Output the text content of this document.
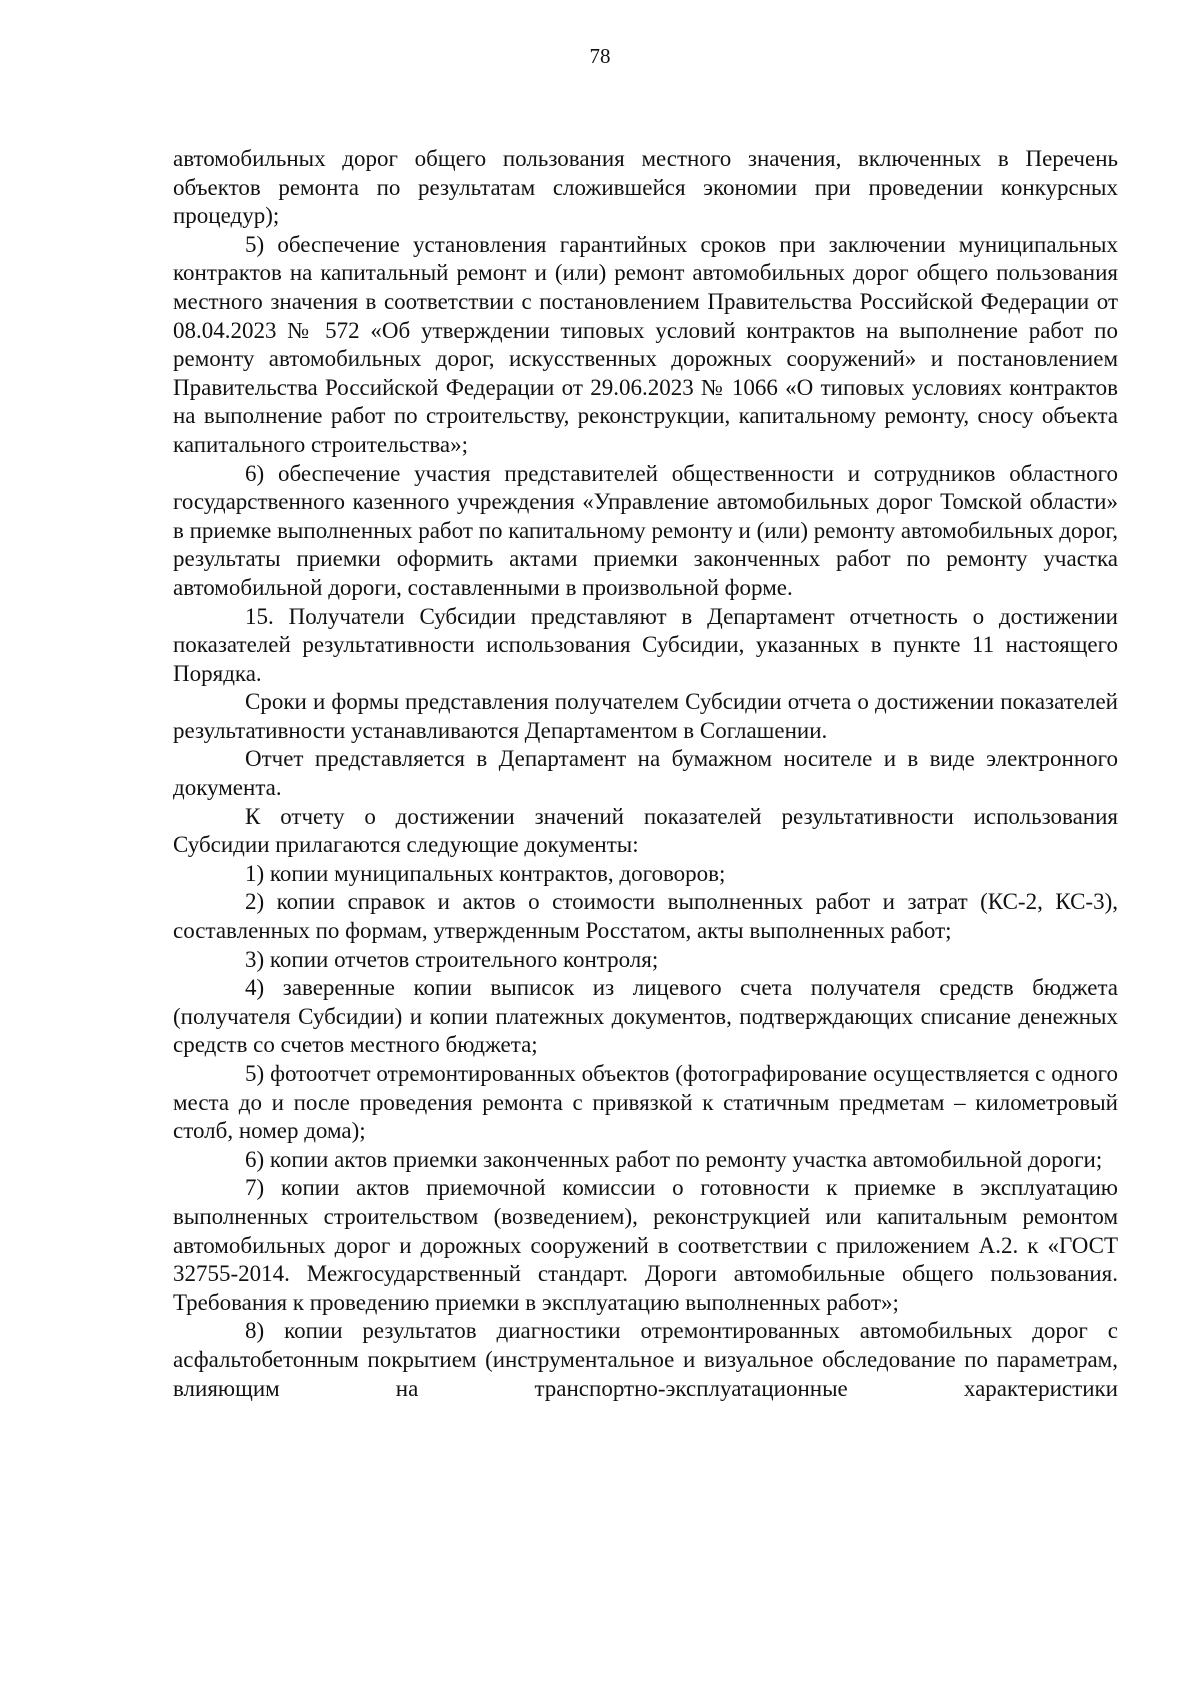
78

автомобильных дорог общего пользования местного значения, включенных в Перечень объектов ремонта по результатам сложившейся экономии при проведении конкурсных процедур);

5) обеспечение установления гарантийных сроков при заключении муниципальных контрактов на капитальный ремонт и (или) ремонт автомобильных дорог общего пользования местного значения в соответствии с постановлением Правительства Российской Федерации от 08.04.2023 № 572 «Об утверждении типовых условий контрактов на выполнение работ по ремонту автомобильных дорог, искусственных дорожных сооружений» и постановлением Правительства Российской Федерации от 29.06.2023 № 1066 «О типовых условиях контрактов на выполнение работ по строительству, реконструкции, капитальному ремонту, сносу объекта капитального строительства»;

6) обеспечение участия представителей общественности и сотрудников областного государственного казенного учреждения «Управление автомобильных дорог Томской области» в приемке выполненных работ по капитальному ремонту и (или) ремонту автомобильных дорог, результаты приемки оформить актами приемки законченных работ по ремонту участка автомобильной дороги, составленными в произвольной форме.

15. Получатели Субсидии представляют в Департамент отчетность о достижении показателей результативности использования Субсидии, указанных в пункте 11 настоящего Порядка.

Сроки и формы представления получателем Субсидии отчета о достижении показателей результативности устанавливаются Департаментом в Соглашении.

Отчет представляется в Департамент на бумажном носителе и в виде электронного документа.

К отчету о достижении значений показателей результативности использования Субсидии прилагаются следующие документы:

1) копии муниципальных контрактов, договоров;

2) копии справок и актов о стоимости выполненных работ и затрат (КС-2, КС-3), составленных по формам, утвержденным Росстатом, акты выполненных работ;

3) копии отчетов строительного контроля;

4) заверенные копии выписок из лицевого счета получателя средств бюджета (получателя Субсидии) и копии платежных документов, подтверждающих списание денежных средств со счетов местного бюджета;

5) фотоотчет отремонтированных объектов (фотографирование осуществляется с одного места до и после проведения ремонта с привязкой к статичным предметам – километровый столб, номер дома);

6) копии актов приемки законченных работ по ремонту участка автомобильной дороги;

7) копии актов приемочной комиссии о готовности к приемке в эксплуатацию выполненных строительством (возведением), реконструкцией или капитальным ремонтом автомобильных дорог и дорожных сооружений в соответствии с приложением А.2. к «ГОСТ 32755-2014. Межгосударственный стандарт. Дороги автомобильные общего пользования. Требования к проведению приемки в эксплуатацию выполненных работ»;

8) копии результатов диагностики отремонтированных автомобильных дорог с асфальтобетонным покрытием (инструментальное и визуальное обследование по параметрам, влияющим на транспортно-эксплуатационные характеристики
